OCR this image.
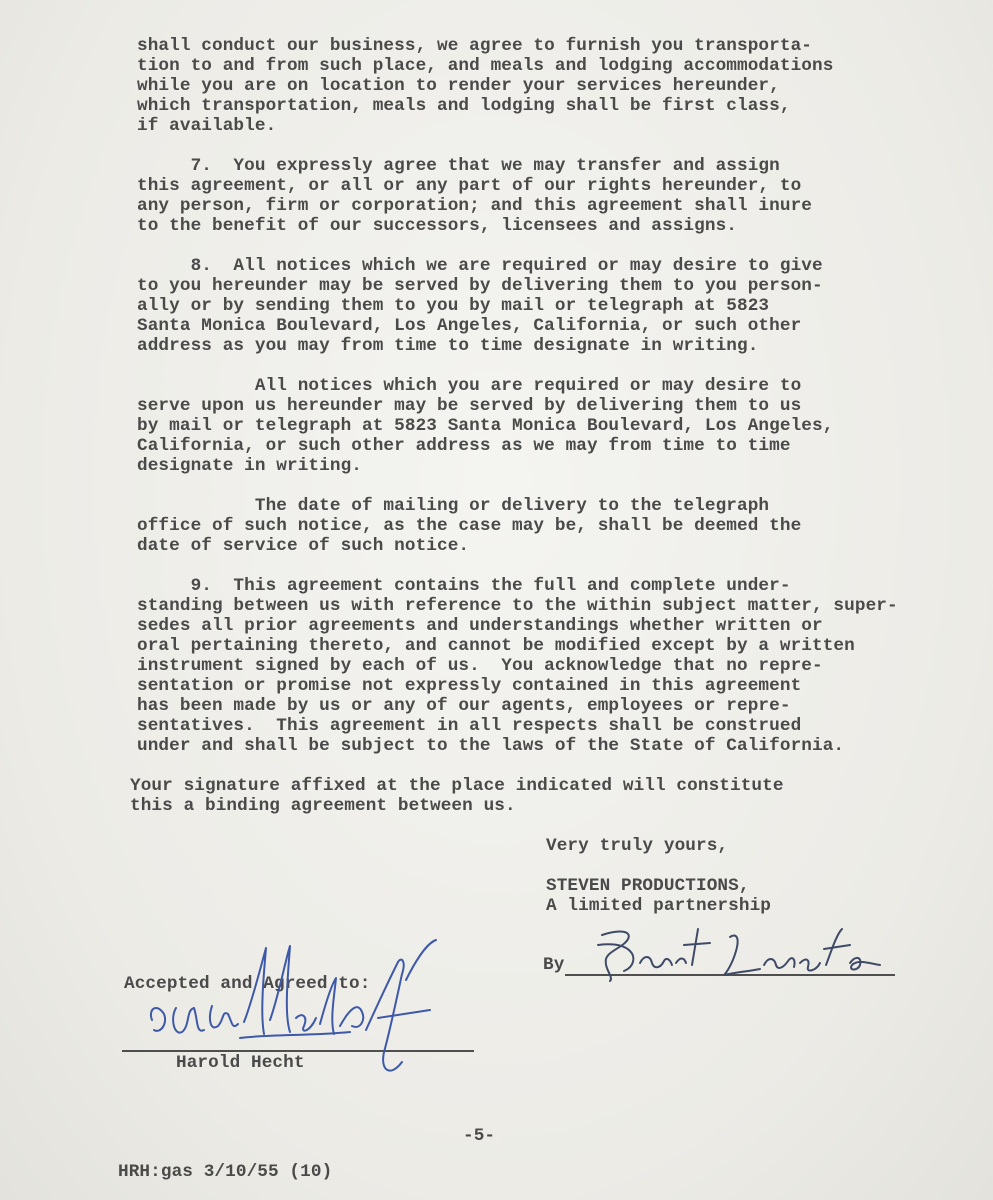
Very truly yours,
STEVEN PRODUCTIONS,
A limited partnership
By
Accepted and Agreed to:
Harold Hecht
-5-
HRH:gas 3/10/55 (10)
shall conduct our business, we agree to furnish you transporta-
tion to and from such place, and meals and lodging accommodations
while you are on location to render your services hereunder,
which transportation, meals and lodging shall be first class,
if available.
7.  You expressly agree that we may transfer and assign
this agreement, or all or any part of our rights hereunder, to
any person, firm or corporation; and this agreement shall inure
to the benefit of our successors, licensees and assigns.
8.  All notices which we are required or may desire to give
to you hereunder may be served by delivering them to you person-
ally or by sending them to you by mail or telegraph at 5823
Santa Monica Boulevard, Los Angeles, California, or such other
address as you may from time to time designate in writing.
All notices which you are required or may desire to
serve upon us hereunder may be served by delivering them to us
by mail or telegraph at 5823 Santa Monica Boulevard, Los Angeles,
California, or such other address as we may from time to time
designate in writing.
The date of mailing or delivery to the telegraph
office of such notice, as the case may be, shall be deemed the
date of service of such notice.
9.  This agreement contains the full and complete under-
standing between us with reference to the within subject matter, super-
sedes all prior agreements and understandings whether written or
oral pertaining thereto, and cannot be modified except by a written
instrument signed by each of us.  You acknowledge that no repre-
sentation or promise not expressly contained in this agreement
has been made by us or any of our agents, employees or repre-
sentatives.  This agreement in all respects shall be construed
under and shall be subject to the laws of the State of California.
Your signature affixed at the place indicated will constitute
this a binding agreement between us.
